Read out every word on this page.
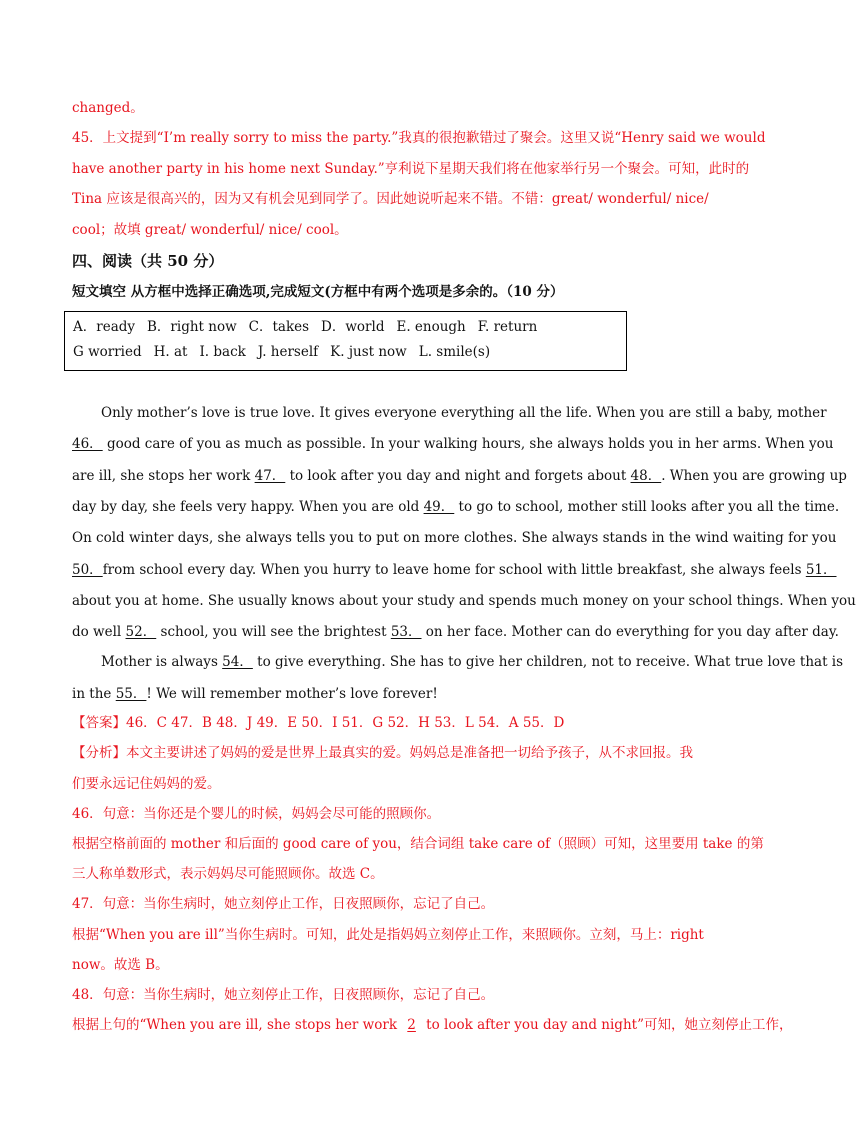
changed。
45．上文提到“I’m really sorry to miss the party.”我真的很抱歉错过了聚会。这里又说“Henry said we would
have another party in his home next Sunday.”亨利说下星期天我们将在他家举行另一个聚会。可知，此时的
Tina 应该是很高兴的，因为又有机会见到同学了。因此她说听起来不错。不错：great/ wonderful/ nice/
cool；故填 great/ wonderful/ nice/ cool。
四、阅读（共 50 分）
短文填空 从方框中选择正确选项,完成短文(方框中有两个选项是多余的。（10 分）
A．ready B．right now C．takes D．world E. enough F. return
G worried H. at I. back J. herself K. just now L. smile(s)
Only mother’s love is true love. It gives everyone everything all the life. When you are still a baby, mother
46． good care of you as much as possible. In your walking hours, she always holds you in her arms. When you
are ill, she stops her work 47． to look after you day and night and forgets about 48．. When you are growing up
day by day, she feels very happy. When you are old 49． to go to school, mother still looks after you all the time.
On cold winter days, she always tells you to put on more clothes. She always stands in the wind waiting for you
50．from school every day. When you hurry to leave home for school with little breakfast, she always feels 51．
about you at home. She usually knows about your study and spends much money on your school things. When you
do well 52． school, you will see the brightest 53． on her face. Mother can do everything for you day after day.
Mother is always 54． to give everything. She has to give her children, not to receive. What true love that is
in the 55．! We will remember mother’s love forever!
【答案】46．C 47．B 48．J 49．E 50．I 51．G 52．H 53．L 54．A 55．D
【分析】本文主要讲述了妈妈的爱是世界上最真实的爱。妈妈总是准备把一切给予孩子，从不求回报。我
们要永远记住妈妈的爱。
46．句意：当你还是个婴儿的时候，妈妈会尽可能的照顾你。
根据空格前面的 mother 和后面的 good care of you，结合词组 take care of（照顾）可知，这里要用 take 的第
三人称单数形式，表示妈妈尽可能照顾你。故选 C。
47．句意：当你生病时，她立刻停止工作，日夜照顾你，忘记了自己。
根据“When you are ill”当你生病时。可知，此处是指妈妈立刻停止工作，来照顾你。立刻，马上：right
now。故选 B。
48．句意：当你生病时，她立刻停止工作，日夜照顾你，忘记了自己。
根据上句的“When you are ill, she stops her work 2 to look after you day and night”可知，她立刻停止工作，
